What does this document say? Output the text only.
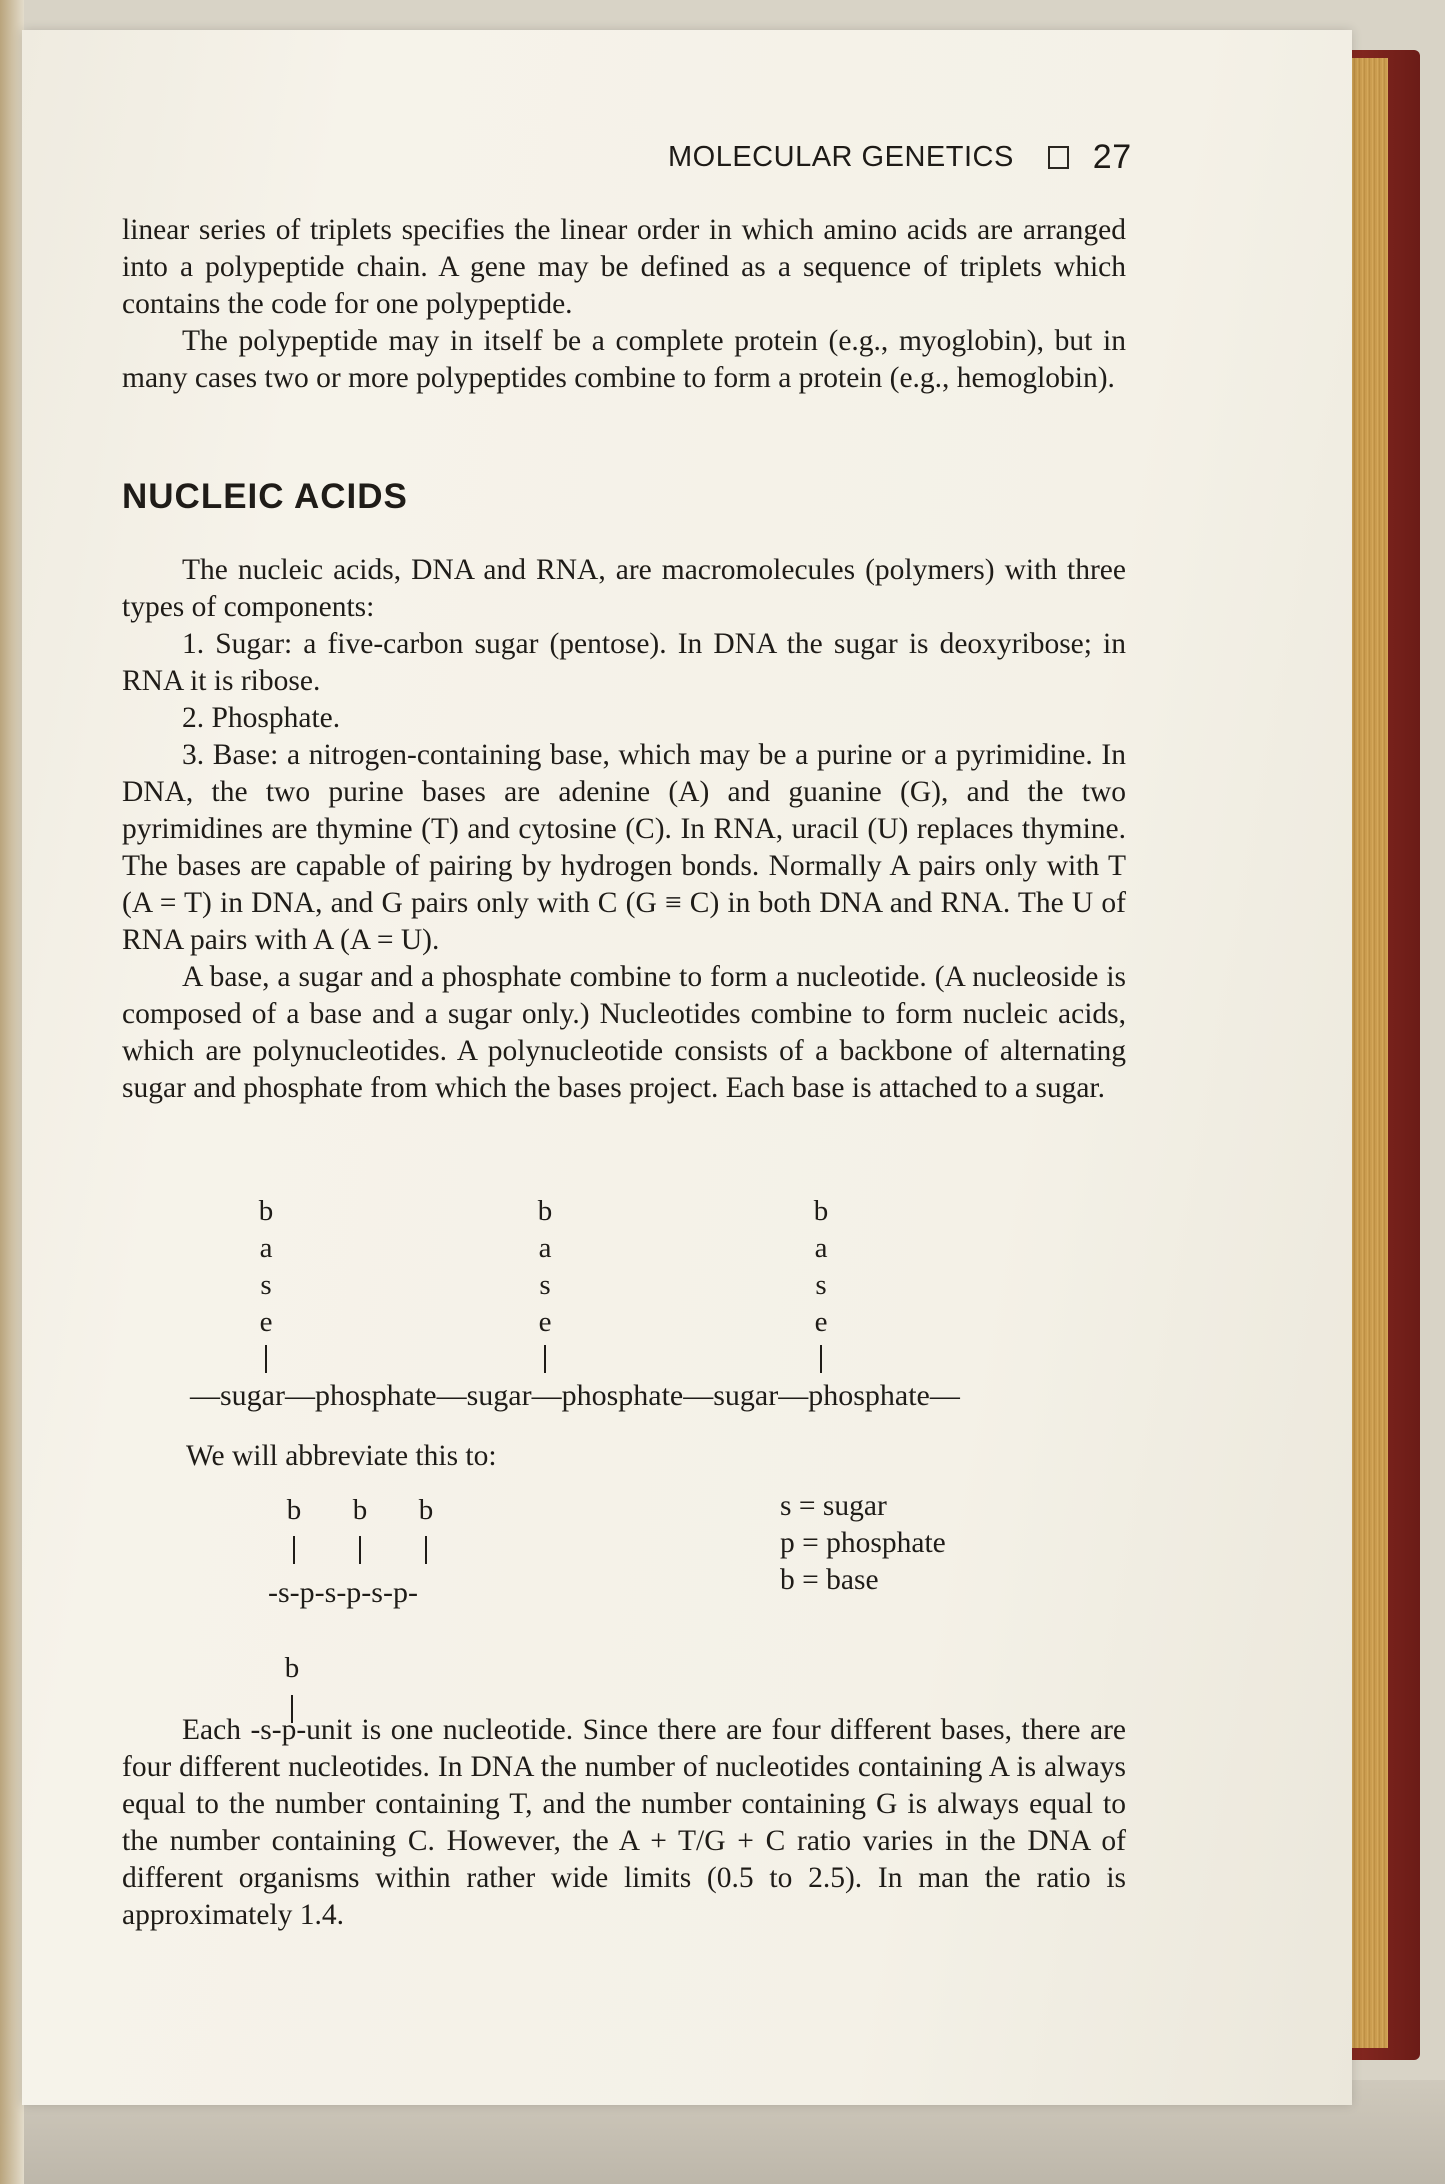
MOLECULAR GENETICS 27

linear series of triplets specifies the linear order in which amino acids are arranged into a polypeptide chain. A gene may be defined as a sequence of triplets which contains the code for one polypeptide.

The polypeptide may in itself be a complete protein (e.g., myoglobin), but in many cases two or more polypeptides combine to form a protein (e.g., hemoglobin).

NUCLEIC ACIDS

The nucleic acids, DNA and RNA, are macromolecules (polymers) with three types of components:

1. Sugar: a five-carbon sugar (pentose). In DNA the sugar is deoxyribose; in RNA it is ribose.

2. Phosphate.

3. Base: a nitrogen-containing base, which may be a purine or a pyrimidine. In DNA, the two purine bases are adenine (A) and guanine (G), and the two pyrimidines are thymine (T) and cytosine (C). In RNA, uracil (U) replaces thymine. The bases are capable of pairing by hydrogen bonds. Normally A pairs only with T (A = T) in DNA, and G pairs only with C (G ≡ C) in both DNA and RNA. The U of RNA pairs with A (A = U).

A base, a sugar and a phosphate combine to form a nucleotide. (A nucleoside is composed of a base and a sugar only.) Nucleotides combine to form nucleic acids, which are polynucleotides. A polynucleotide consists of a backbone of alternating sugar and phosphate from which the bases project. Each base is attached to a sugar.

b
a
s
e
b
a
s
e
b
a
s
e
—sugar—phosphate—sugar—phosphate—sugar—phosphate—
We will abbreviate this to:
b b b
-s-p-s-p-s-p-
s = sugar
p = phosphate
b = base
b

Each -s-p-unit is one nucleotide. Since there are four different bases, there are four different nucleotides. In DNA the number of nucleotides containing A is always equal to the number containing T, and the number containing G is always equal to the number containing C. However, the A + T/G + C ratio varies in the DNA of different organisms within rather wide limits (0.5 to 2.5). In man the ratio is approximately 1.4.
